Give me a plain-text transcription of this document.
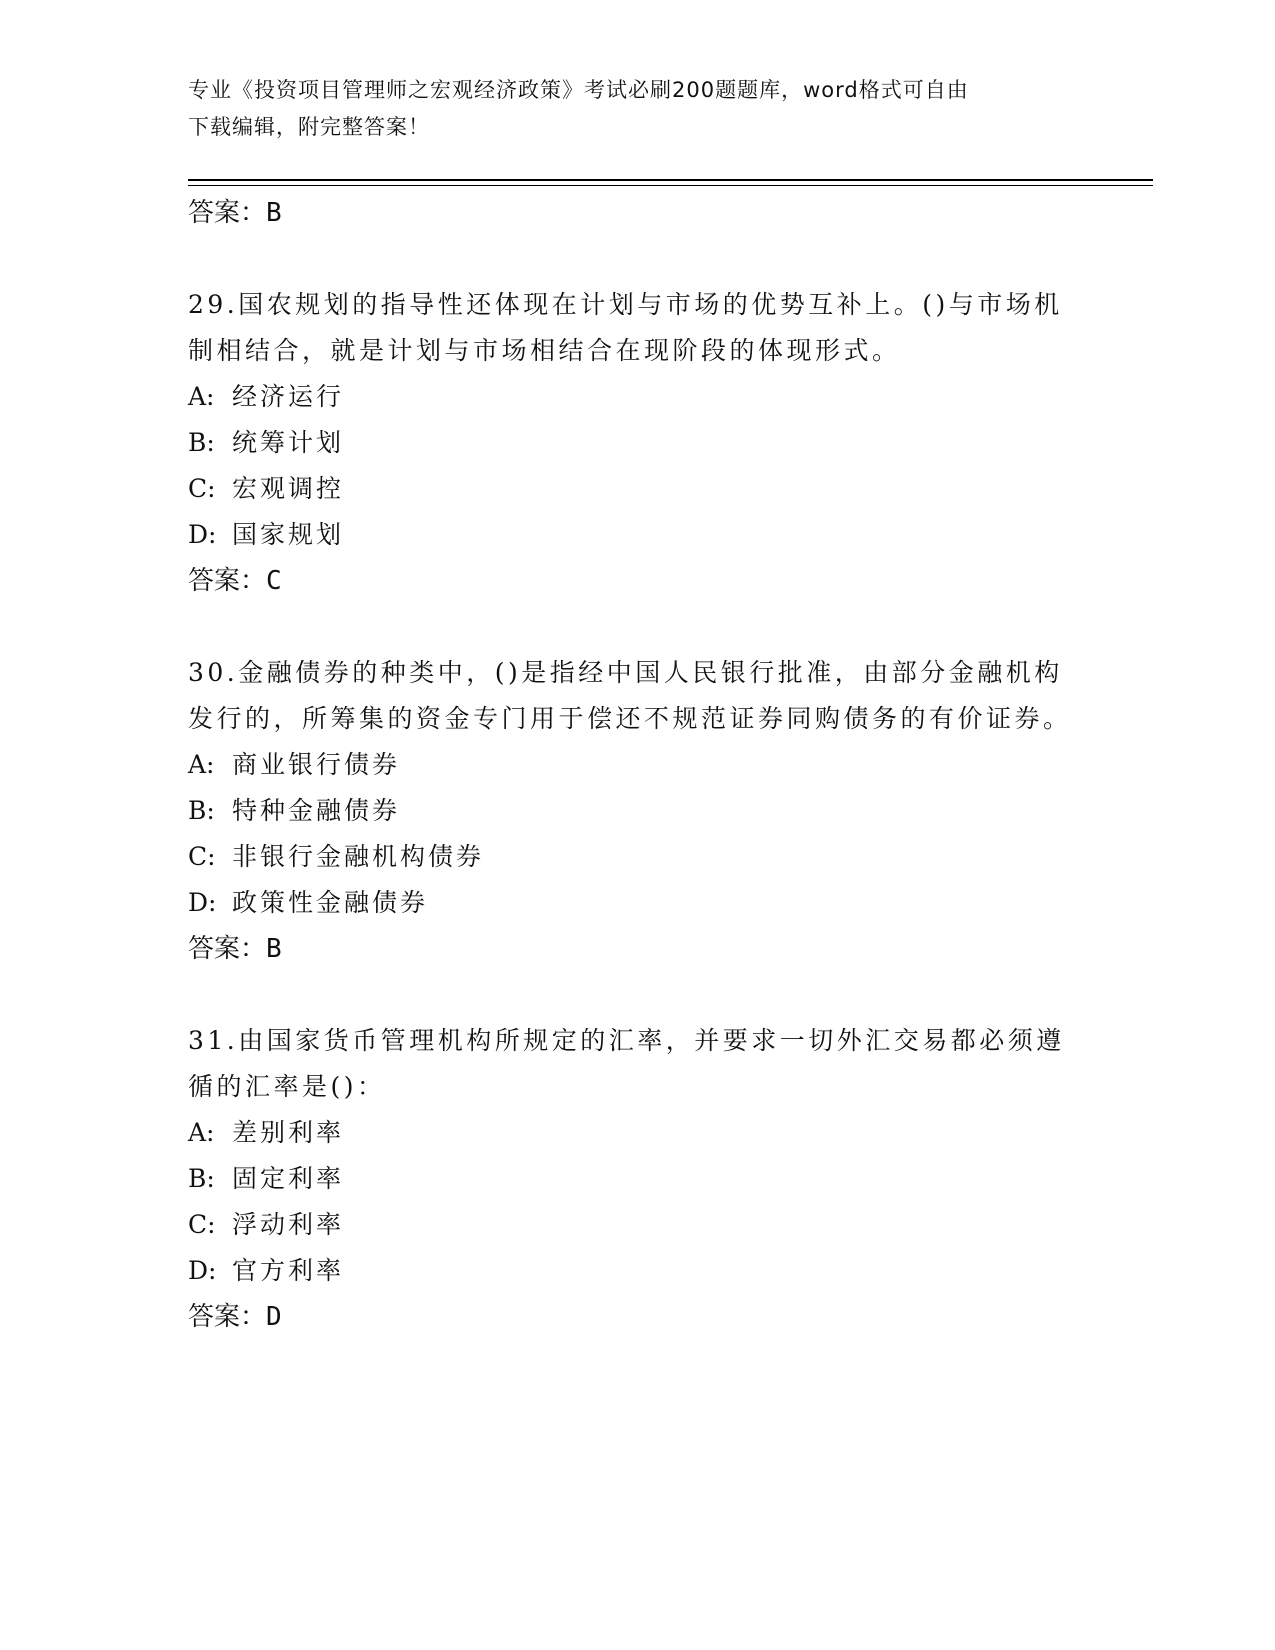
专业《投资项目管理师之宏观经济政策》考试必刷200题题库，word格式可自由
下载编辑，附完整答案！
答案：B
29.国农规划的指导性还体现在计划与市场的优势互补上。()与市场机制相结合，就是计划与市场相结合在现阶段的体现形式。
A: 经济运行
B: 统筹计划
C: 宏观调控
D: 国家规划
答案：C
30.金融债券的种类中，()是指经中国人民银行批准，由部分金融机构发行的，所筹集的资金专门用于偿还不规范证券同购债务的有价证券。
A: 商业银行债券
B: 特种金融债券
C: 非银行金融机构债券
D: 政策性金融债券
答案：B
31.由国家货币管理机构所规定的汇率，并要求一切外汇交易都必须遵循的汇率是()：
A: 差别利率
B: 固定利率
C: 浮动利率
D: 官方利率
答案：D
